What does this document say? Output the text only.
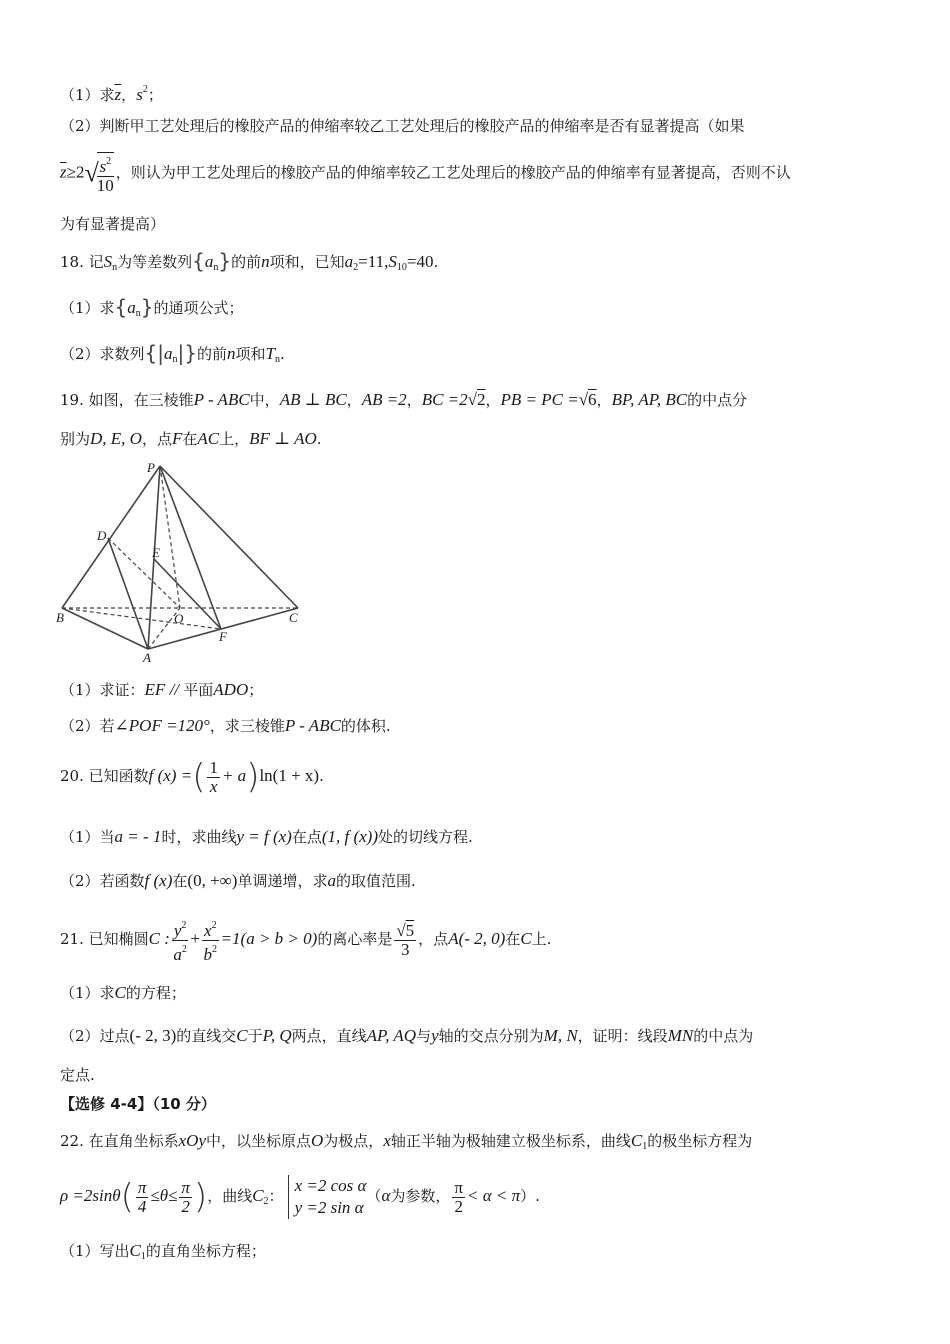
（1）求$\overline{z}$，$s^2$；
（2）判断甲工艺处理后的橡胶产品的伸缩率较乙工艺处理后的橡胶产品的伸缩率是否有显著提高（如果
$\overline{z}\ge 2√$
$\frac{s^2}{10}$ ，则认为甲工艺处理后的橡胶产品的伸缩率较乙工艺处理后的橡胶产品的伸缩率有显著提高，否则不认
为有显著提高）
18. 记$S_n$为等差数列$\{a_n\}$的前n项和，已知$a_2=11,S_{10}=40$.
（1）求$\{a_n\}$的通项公式；
（2）求数列$\{|a_n|\}$的前n项和$T_n$.
19. 如图，在三棱锥P - ABC中，AB ⊥ BC，AB =2，BC =2√2，PB = PC =√6，BP, AP, BC的中点分
别为D, E, O，点F在AC上，BF ⊥ AO.
P
D
E
B	O
F
C
A
（1）求证：EF // 平面ADO；
（2）若∠POF =120°，求三棱锥P - ABC的体积.
20. 已知函数f (x) =( $\frac{1}{x} + a)\ln(1 + x)$.
（1）当a = - 1时，求曲线y = f (x)在点(1, f (x))处的切线方程.
（2）若函数f (x)在(0, +∞)单调递增，求a的取值范围.
21. 已知椭圆C : $\frac{y^2}{a^2} + \frac{x^2}{b^2} =1(a > b > 0)$的离心率是 $\frac{√5}{3}$ ，点A(- 2, 0)在C上.
（1）求C的方程；
（2）过点(- 2, 3)的直线交C于P, Q两点，直线AP, AQ与y轴的交点分别为M, N，证明：线段MN的中点为
定点.
【选修 4-4】（10 分）
22. 在直角坐标系xOy中，以坐标原点O为极点，x轴正半轴为极轴建立极坐标系，曲线$C_1$的极坐标方程为
$\rho =2\sin\theta( \frac{\pi}{4} \le\theta\le \frac{\pi}{2}$ )，曲线$C_2$：
x =2 cos α
y =2 sin α
（α为参数， $\frac{\pi}{2} < \alpha < \pi$）.
（1）写出$C_1$的直角坐标方程；
